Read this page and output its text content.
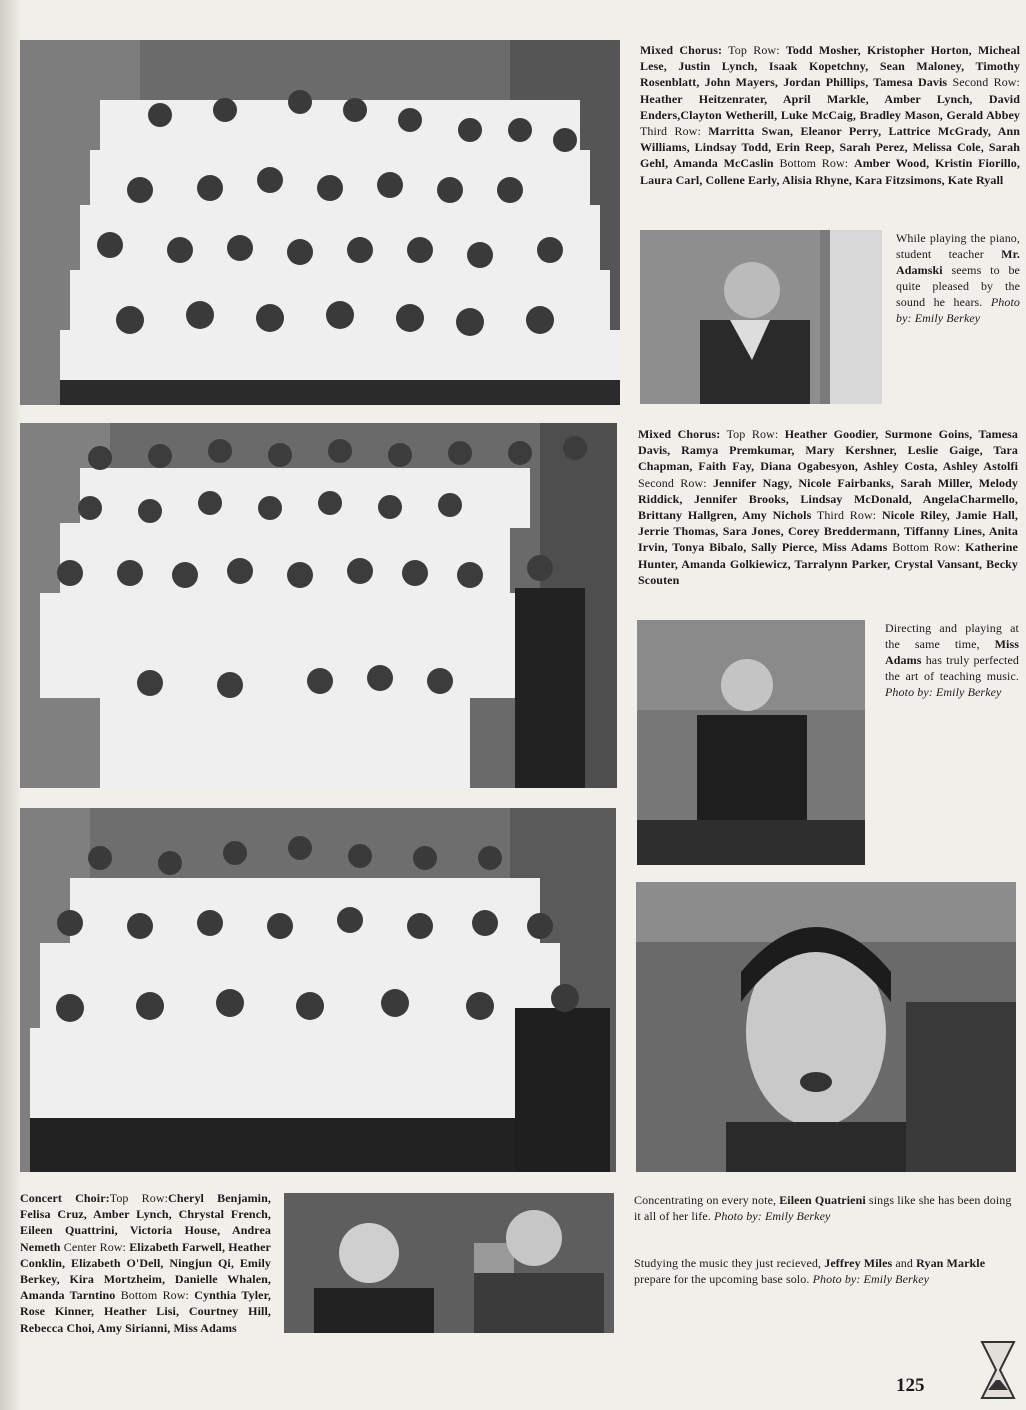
Mixed Chorus: Top Row: Todd Mosher, Kristopher Horton, Micheal Lese, Justin Lynch, Isaak Kopetchny, Sean Maloney, Timothy Rosenblatt, John Mayers, Jordan Phillips, Tamesa Davis Second Row: Heather Heitzenrater, April Markle, Amber Lynch, David Enders,Clayton Wetherill, Luke McCaig, Bradley Mason, Gerald Abbey Third Row: Marritta Swan, Eleanor Perry, Lattrice McGrady, Ann Williams, Lindsay Todd, Erin Reep, Sarah Perez, Melissa Cole, Sarah Gehl, Amanda McCaslin Bottom Row: Amber Wood, Kristin Fiorillo, Laura Carl, Collene Early, Alisia Rhyne, Kara Fitzsimons, Kate Ryall
While playing the piano, student teacher Mr. Adamski seems to be quite pleased by the sound he hears. Photo by: Emily Berkey
Mixed Chorus: Top Row: Heather Goodier, Surmone Goins, Tamesa Davis, Ramya Premkumar, Mary Kershner, Leslie Gaige, Tara Chapman, Faith Fay, Diana Ogabesyon, Ashley Costa, Ashley Astolfi Second Row: Jennifer Nagy, Nicole Fairbanks, Sarah Miller, Melody Riddick, Jennifer Brooks, Lindsay McDonald, AngelaCharmello, Brittany Hallgren, Amy Nichols Third Row: Nicole Riley, Jamie Hall, Jerrie Thomas, Sara Jones, Corey Breddermann, Tiffanny Lines, Anita Irvin, Tonya Bibalo, Sally Pierce, Miss Adams Bottom Row: Katherine Hunter, Amanda Golkiewicz, Tarralynn Parker, Crystal Vansant, Becky Scouten
Directing and playing at the same time, Miss Adams has truly perfected the art of teaching music. Photo by: Emily Berkey
Concert Choir:Top Row:Cheryl Benjamin, Felisa Cruz, Amber Lynch, Chrystal French, Eileen Quattrini, Victoria House, Andrea Nemeth Center Row: Elizabeth Farwell, Heather Conklin, Elizabeth O'Dell, Ningjun Qi, Emily Berkey, Kira Mortzheim, Danielle Whalen, Amanda Tarntino Bottom Row: Cynthia Tyler, Rose Kinner, Heather Lisi, Courtney Hill, Rebecca Choi, Amy Sirianni, Miss Adams
Concentrating on every note, Eileen Quatrieni sings like she has been doing it all of her life. Photo by: Emily Berkey
Studying the music they just recieved, Jeffrey Miles and Ryan Markle prepare for the upcoming base solo. Photo by: Emily Berkey
125
